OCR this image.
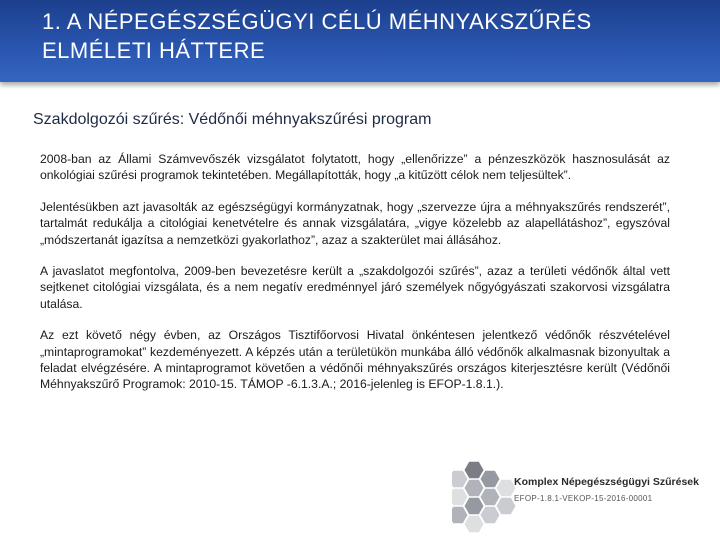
1. A NÉPEGÉSZSÉGÜGYI CÉLÚ MÉHNYAKSZŰRÉS ELMÉLETI HÁTTERE
Szakdolgozói szűrés: Védőnői méhnyakszűrési program

2008-ban az Állami Számvevőszék vizsgálatot folytatott, hogy „ellenőrizze” a pénzeszközök hasznosulását az onkológiai szűrési programok tekintetében. Megállapították, hogy „a kitűzött célok nem teljesültek”.

Jelentésükben azt javasolták az egészségügyi kormányzatnak, hogy „szervezze újra a méhnyakszűrés rendszerét”, tartalmát redukálja a citológiai kenetvételre és annak vizsgálatára, „vigye közelebb az alapellátáshoz”, egyszóval „módszertanát igazítsa a nemzetközi gyakorlathoz”, azaz a szakterület mai állásához.

A javaslatot megfontolva, 2009-ben bevezetésre került a „szakdolgozói szűrés”, azaz a területi védőnők által vett sejtkenet citológiai vizsgálata, és a nem negatív eredménnyel járó személyek nőgyógyászati szakorvosi vizsgálatra utalása.

Az ezt követő négy évben, az Országos Tisztifőorvosi Hivatal önkéntesen jelentkező védőnők részvételével „mintaprogramokat” kezdeményezett. A képzés után a területükön munkába álló védőnők alkalmasnak bizonyultak a feladat elvégzésére. A mintaprogramot követően a védőnői méhnyakszűrés országos kiterjesztésre került (Védőnői Méhnyakszűrő Programok: 2010-15. TÁMOP -6.1.3.A.; 2016-jelenleg is EFOP-1.8.1.).

Komplex Népegészségügyi Szűrések
EFOP-1.8.1-VEKOP-15-2016-00001
